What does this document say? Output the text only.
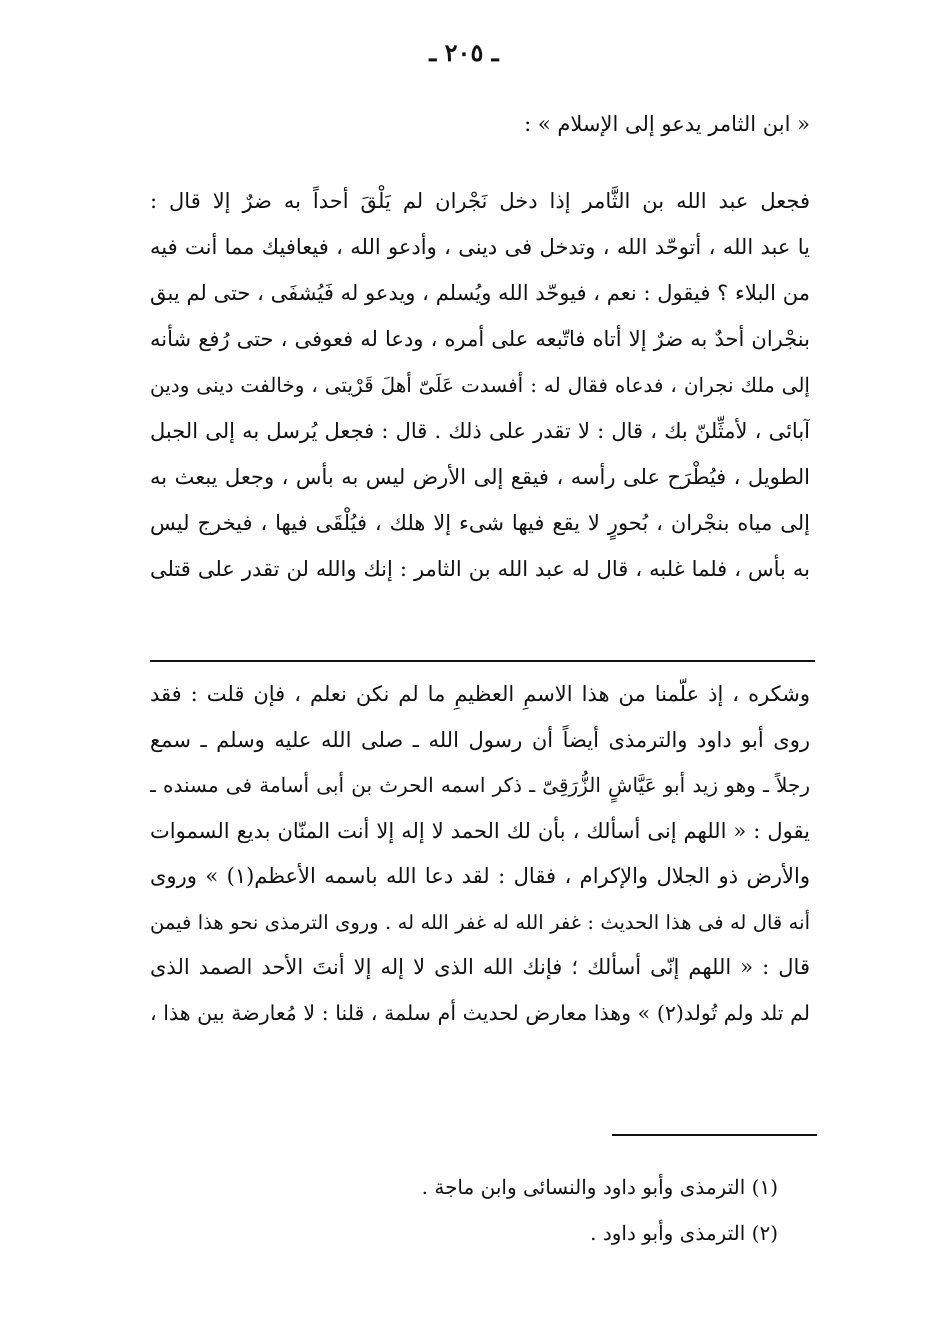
ـ ٢٠٥ ـ
« ابن الثامر يدعو إلى الإسلام » :
فجعل عبد الله بن الثَّامر إذا دخل نَجْران لم يَلْقَ أحداً به ضرٌ إلا قال :
يا عبد الله ، أتوحّد الله ، وتدخل فى دينى ، وأدعو الله ، فيعافيك مما أنت فيه
من البلاء ؟ فيقول : نعم ، فيوحّد الله ويُسلم ، ويدعو له فَيُشفَى ، حتى لم يبق
بنجْران أحدٌ به ضرٌ إلا أتاه فاتّبعه على أمره ، ودعا له فعوفى ، حتى رُفع شأنه
إلى ملك نجران ، فدعاه فقال له : أفسدت عَلَىّ أهلَ قَرْيتى ، وخالفت دينى ودين
آبائى ، لأمثِّلنّ بك ، قال : لا تقدر على ذلك . قال : فجعل يُرسل به إلى الجبل
الطويل ، فيُطْرَح على رأسه ، فيقع إلى الأرض ليس به بأس ، وجعل يبعث به
إلى مياه بنجْران ، بُحورٍ لا يقع فيها شىء إلا هلك ، فيُلْقَى فيها ، فيخرج ليس
به بأس ، فلما غلبه ، قال له عبد الله بن الثامر : إنك والله لن تقدر على قتلى
وشكره ، إذ علّمنا من هذا الاسمِ العظيمِ ما لم نكن نعلم ، فإن قلت : فقد
روى أبو داود والترمذى أيضاً أن رسول الله ـ صلى الله عليه وسلم ـ سمع
رجلاً ـ وهو زيد أبو عَيَّاشٍ الزُّرَقِىّ ـ ذكر اسمه الحرث بن أبى أسامة فى مسنده ـ
يقول : « اللهم إنى أسألك ، بأن لك الحمد لا إله إلا أنت المنّان بديع السموات
والأرض ذو الجلال والإكرام ، فقال : لقد دعا الله باسمه الأعظم(١) » وروى
أنه قال له فى هذا الحديث : غفر الله له غفر الله له . وروى الترمذى نحو هذا فيمن
قال : « اللهم إنّى أسألك ؛ فإنك الله الذى لا إله إلا أنتَ الأحد الصمد الذى
لم تلد ولم تُولد(٢) » وهذا معارض لحديث أم سلمة ، قلنا : لا مُعارضة بين هذا ،
(١) الترمذى وأبو داود والنسائى وابن ماجة .
(٢) الترمذى وأبو داود .
